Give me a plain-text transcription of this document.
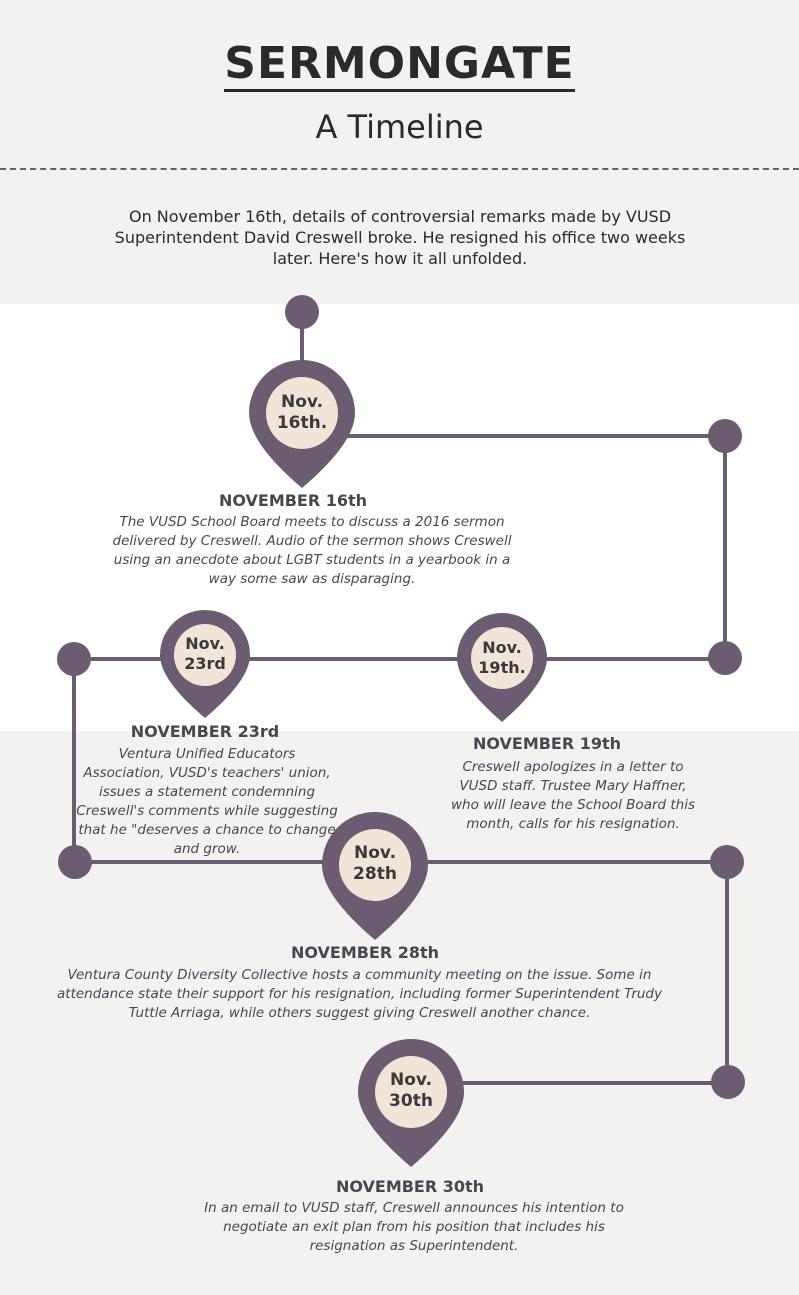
SERMONGATE
A Timeline
On November 16th, details of controversial remarks made by VUSD Superintendent David Creswell broke. He resigned his office two weeks later. Here's how it all unfolded.
Nov.
16th.
Nov.
23rd
Nov.
19th.
Nov.
28th
Nov.
30th
NOVEMBER 16th
The VUSD School Board meets to discuss a 2016 sermon delivered by Creswell. Audio of the sermon shows Creswell using an anecdote about LGBT students in a yearbook in a way some saw as disparaging.
NOVEMBER 23rd
Ventura Unified Educators Association, VUSD's teachers' union, issues a statement condemning Creswell's comments while suggesting that he "deserves a chance to change and grow.
NOVEMBER 19th
Creswell apologizes in a letter to VUSD staff. Trustee Mary Haffner, who will leave the School Board this month, calls for his resignation.
NOVEMBER 28th
Ventura County Diversity Collective hosts a community meeting on the issue. Some in attendance state their support for his resignation, including former Superintendent Trudy Tuttle Arriaga, while others suggest giving Creswell another chance.
NOVEMBER 30th
In an email to VUSD staff, Creswell announces his intention to negotiate an exit plan from his position that includes his resignation as Superintendent.
